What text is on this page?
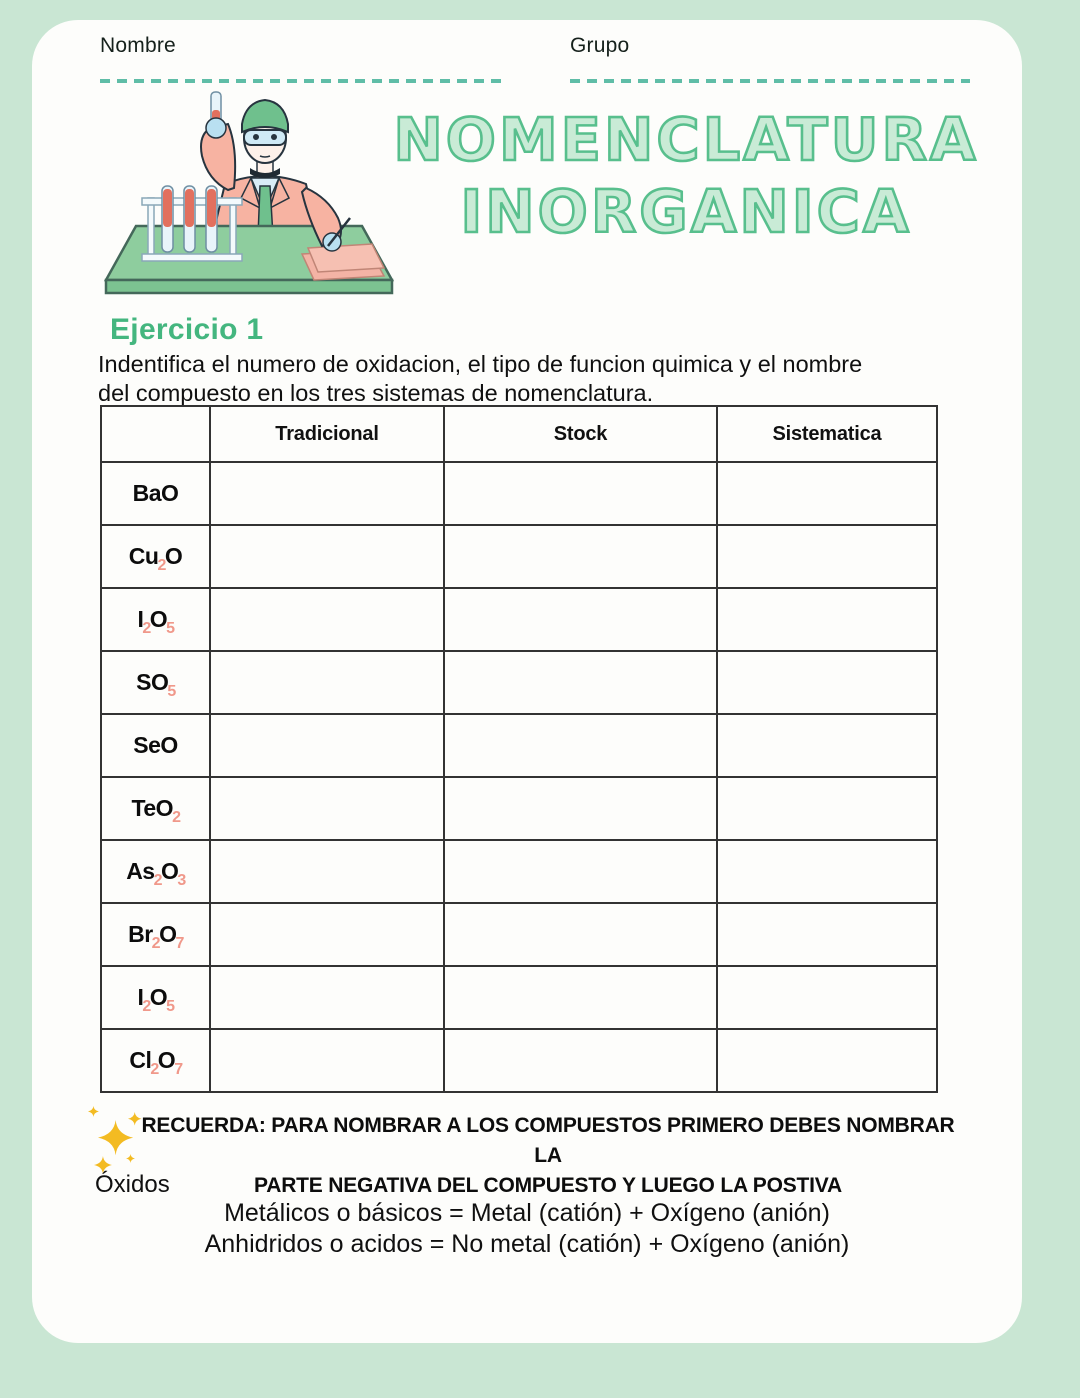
Nombre	Grupo
NOMENCLATURA
INORGANICA
Ejercicio 1
Indentifica el numero de oxidacion, el tipo de funcion quimica y el nombre
del compuesto en los tres sistemas de nomenclatura.
	Tradicional	Stock	Sistematica
BaO			
$Cu_2O$			
$I_2O_5$			
$SO_5$			
SeO			
TeO$_2$			
$As_2O_3$			
$Br_2O_7$			
$I_2O_5$			
$Cl_2O_7$			
RECUERDA: PARA NOMBRAR A LOS COMPUESTOS PRIMERO DEBES NOMBRAR LA
PARTE NEGATIVA DEL COMPUESTO Y LUEGO LA POSTIVA
Óxidos
Metálicos o básicos = Metal (catión) + Oxígeno (anión)
Anhidridos o acidos = No metal (catión) + Oxígeno (anión)
